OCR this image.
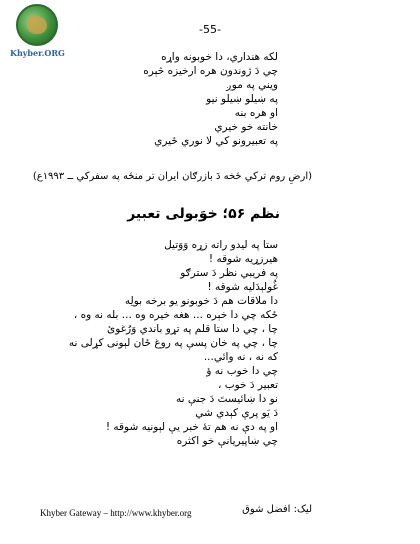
Khyber.ORG
-55-
لکه هنداري، دا خوبونه واړه
چي دَ ژوندون هره ارخيزه څېره
ويني په موږ
په ښيلو ښيلو نيو
او هره بنه
خانته خو خيري
په تعبيرونو کي لا نوري ځيري
(ارضِ روم ترکي ځخه دَ بازرګان ايران تر منځه په سفرکي ــ ۱۹۹۳ع)
نظم ۵۶؛ خوَبولی تعبیر
ستا په ليدو راته زړه وَوَتيل
هيرزړيه شوقه !
په فريبي نظر دَ سترګو
غُولېدَليه شوقه !
دا ملاقات هم دَ خوبونو يو برخه بولِه
ځکه چي دا خېره ... هغه خيره وه ... بله نه وه ،
چا ، چي دا ستا قلم په تړو باندي وَرُغوئ
چا ، چي په خان پسې په روغ ځان لېونی کړلی نه
که نه ، نه وائي...
چي دا خوب نه ؤ
تعبير دَ خوب ،
نو دا ښائيستَ دَ جنې نه
دَ يَو پرې کېدي شي
او په دې نه هم تهٔ خبر يې لېونيه شوقه !
چي ښاپيريانې خو اکثره
Khyber Gateway – http://www.khyber.org	ليک: افضل شوق
